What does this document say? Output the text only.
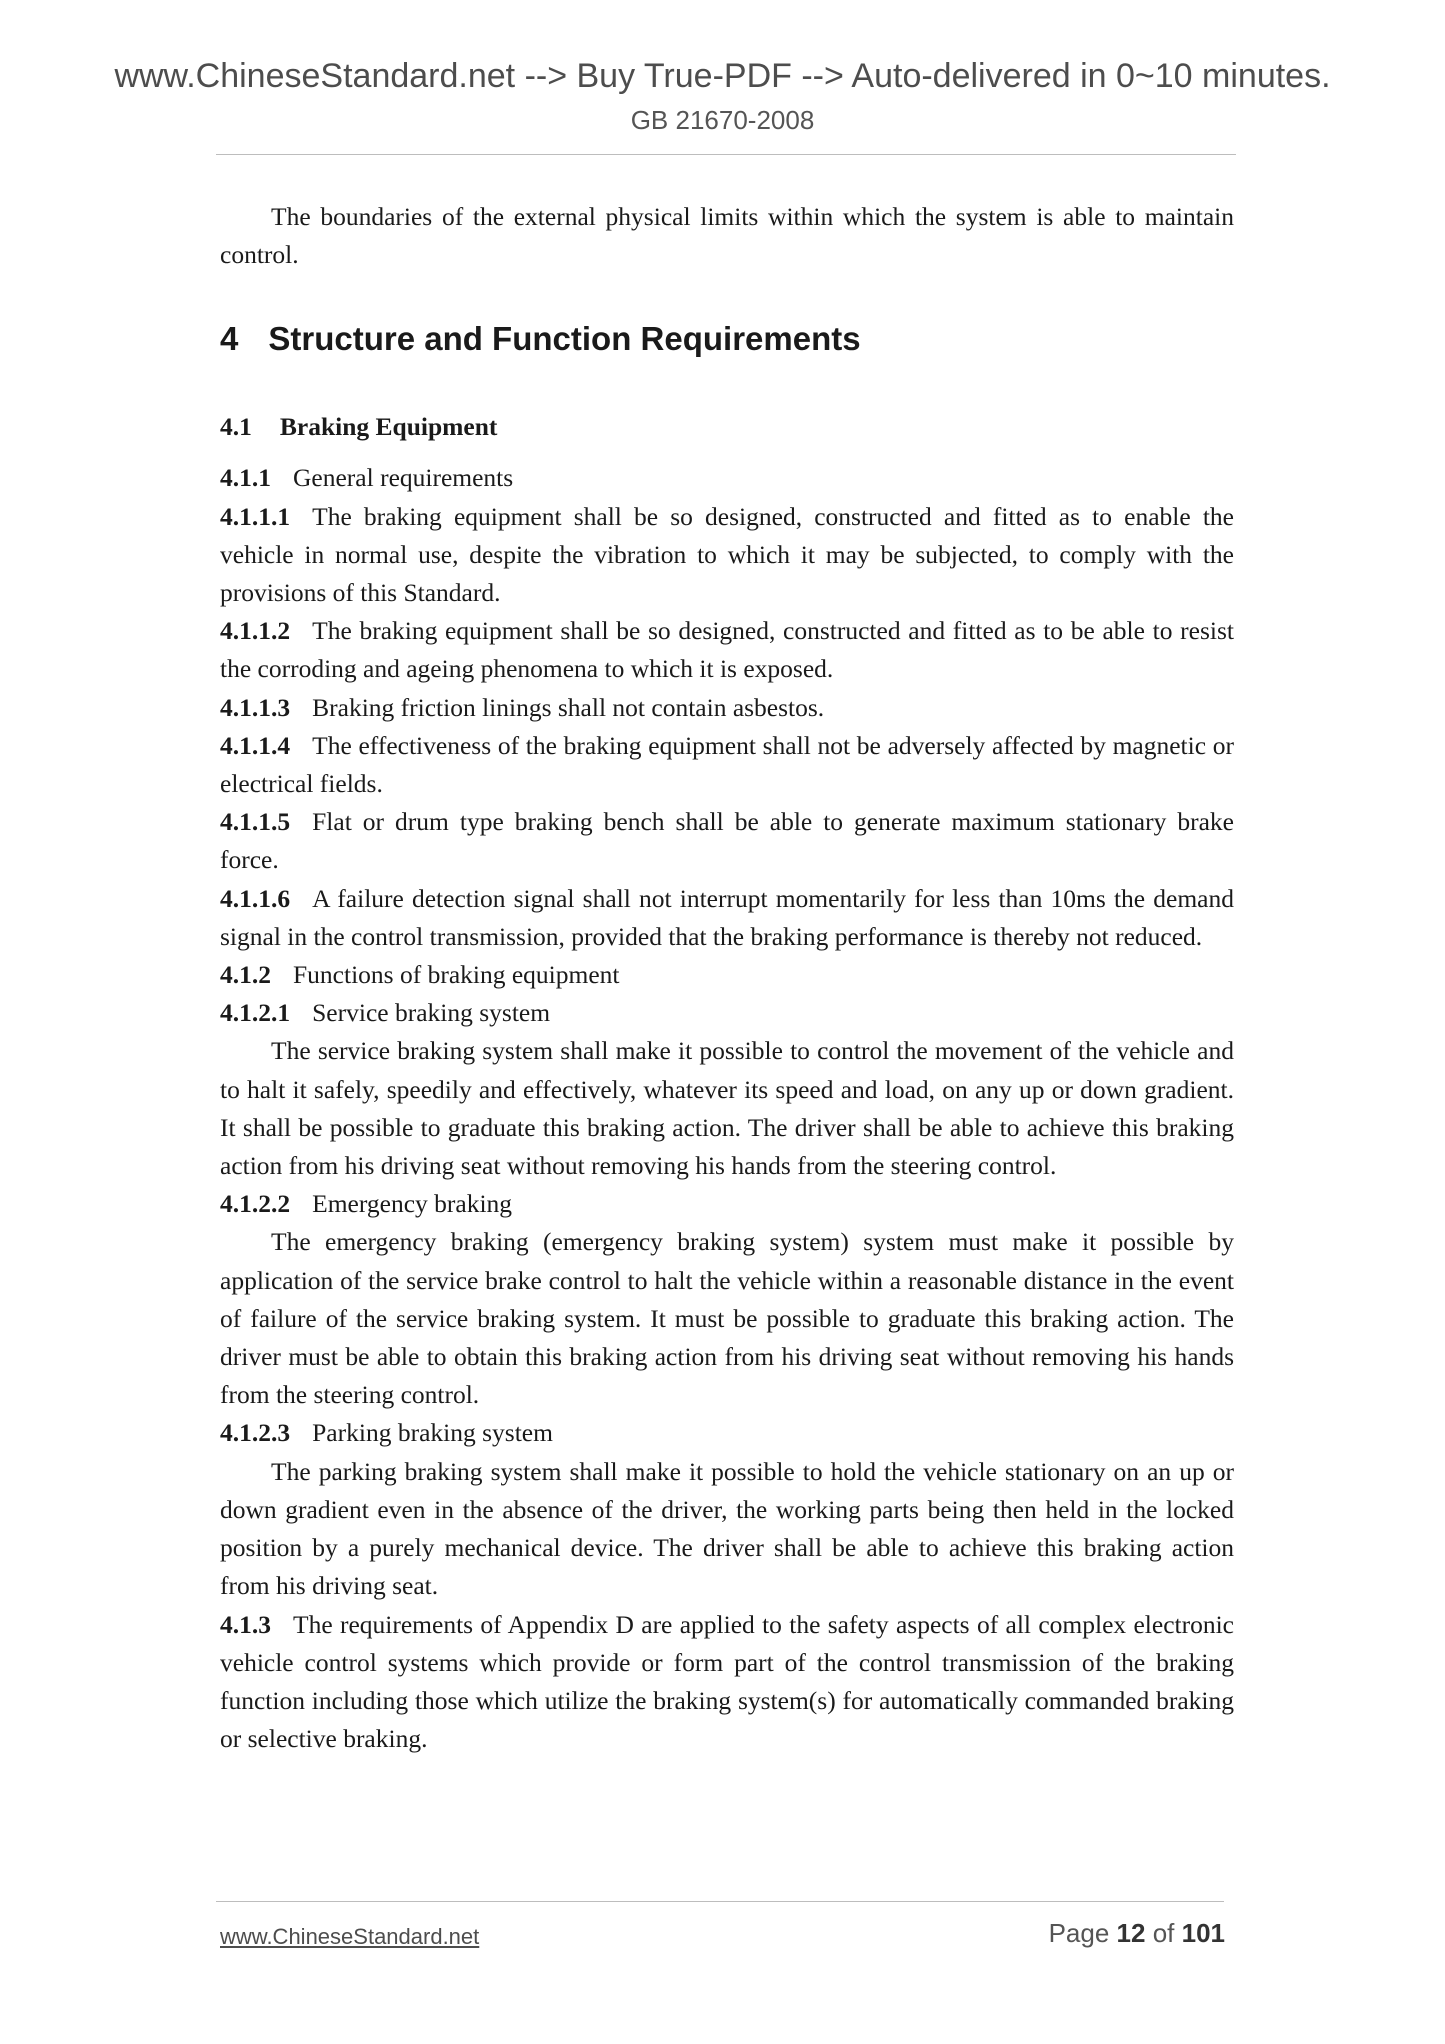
www.ChineseStandard.net --> Buy True-PDF --> Auto-delivered in 0~10 minutes.
GB 21670-2008

The boundaries of the external physical limits within which the system is able to maintain control.

4 Structure and Function Requirements
4.1 Braking Equipment

4.1.1 General requirements

4.1.1.1 The braking equipment shall be so designed, constructed and fitted as to enable the vehicle in normal use, despite the vibration to which it may be subjected, to comply with the provisions of this Standard.

4.1.1.2 The braking equipment shall be so designed, constructed and fitted as to be able to resist the corroding and ageing phenomena to which it is exposed.

4.1.1.3 Braking friction linings shall not contain asbestos.

4.1.1.4 The effectiveness of the braking equipment shall not be adversely affected by magnetic or electrical fields.

4.1.1.5 Flat or drum type braking bench shall be able to generate maximum stationary brake force.

4.1.1.6 A failure detection signal shall not interrupt momentarily for less than 10ms the demand signal in the control transmission, provided that the braking performance is thereby not reduced.

4.1.2 Functions of braking equipment

4.1.2.1 Service braking system

The service braking system shall make it possible to control the movement of the vehicle and to halt it safely, speedily and effectively, whatever its speed and load, on any up or down gradient. It shall be possible to graduate this braking action. The driver shall be able to achieve this braking action from his driving seat without removing his hands from the steering control.

4.1.2.2 Emergency braking

The emergency braking (emergency braking system) system must make it possible by application of the service brake control to halt the vehicle within a reasonable distance in the event of failure of the service braking system. It must be possible to graduate this braking action. The driver must be able to obtain this braking action from his driving seat without removing his hands from the steering control.

4.1.2.3 Parking braking system

The parking braking system shall make it possible to hold the vehicle stationary on an up or down gradient even in the absence of the driver, the working parts being then held in the locked position by a purely mechanical device. The driver shall be able to achieve this braking action from his driving seat.

4.1.3 The requirements of Appendix D are applied to the safety aspects of all complex electronic vehicle control systems which provide or form part of the control transmission of the braking function including those which utilize the braking system(s) for automatically commanded braking or selective braking.

www.ChineseStandard.net	Page 12 of 101
